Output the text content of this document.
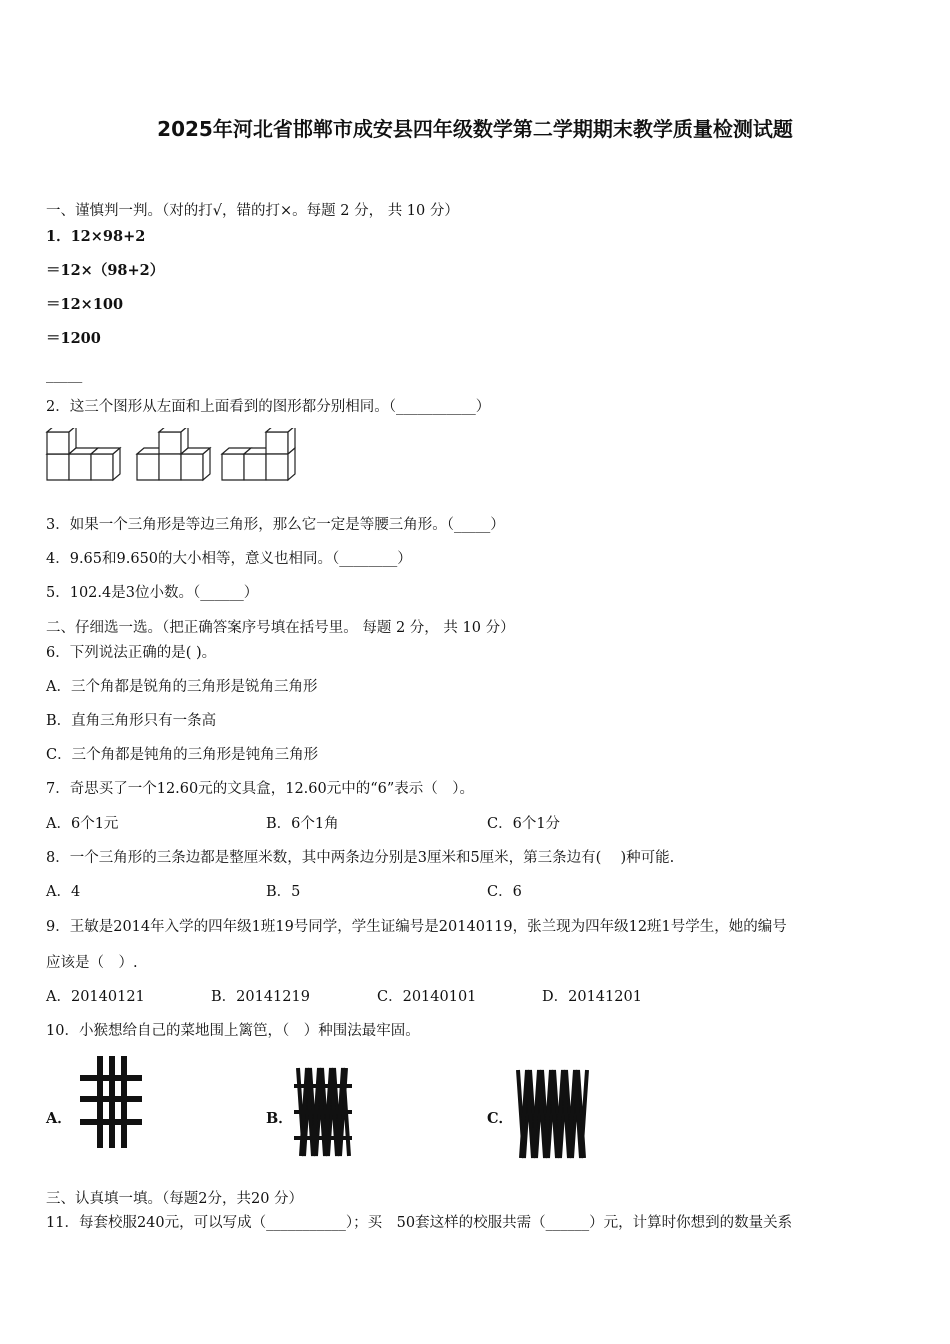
2025年河北省邯郸市成安县四年级数学第二学期期末教学质量检测试题
一、谨慎判一判。（对的打√，错的打×。每题 2 分， 共 10 分）
1．12×98+2
＝12×（98+2）
＝12×100
＝1200
_____
2．这三个图形从左面和上面看到的图形都分别相同。（___________）
3．如果一个三角形是等边三角形，那么它一定是等腰三角形。（_____）
4．9.65和9.650的大小相等，意义也相同。（________）
5．102.4是3位小数。（______）
二、仔细选一选。（把正确答案序号填在括号里。 每题 2 分， 共 10 分）
6．下列说法正确的是( )。
A．三个角都是锐角的三角形是锐角三角形
B．直角三角形只有一条高
C．三个角都是钝角的三角形是钝角三角形
7．奇思买了一个12.60元的文具盒，12.60元中的“6”表示（　）。
A．6个1元	B．6个1角	C．6个1分
8．一个三角形的三条边都是整厘米数，其中两条边分别是3厘米和5厘米，第三条边有(　 )种可能.
A．4	B．5	C．6
9．王敏是2014年入学的四年级1班19号同学，学生证编号是20140119，张兰现为四年级12班1号学生，她的编号
应该是（　）.
A．20140121	B．20141219	C．20140101	D．20141201
10．小猴想给自己的菜地围上篱笆，（　）种围法最牢固。
A．	B．	C．
三、认真填一填。（每题2分，共20 分）
11．每套校服240元，可以写成（___________）；买　50套这样的校服共需（______）元，计算时你想到的数量关系
